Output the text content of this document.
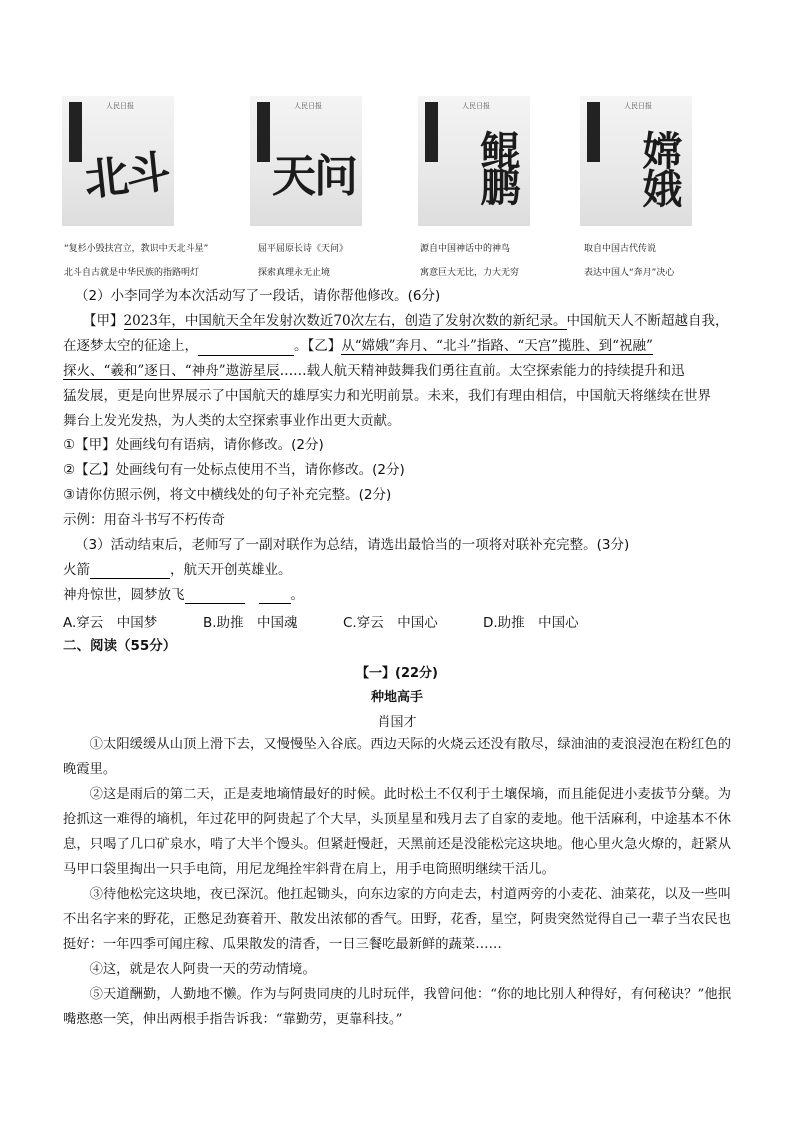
人民日报
北斗
人民日报
天问
人民日报
鲲鹏
人民日报
嫦娥
“复杉小毁扶宫立，教识中天北斗星”
北斗自古就是中华民族的指路明灯
屈平屈原长诗《天问》
探索真理永无止境
源自中国神话中的神鸟
寓意巨大无比，力大无穷
取自中国古代传说
表达中国人“奔月”决心
（2）小李同学为本次活动写了一段话，请你帮他修改。(6分)
【甲】2023年，中国航天全年发射次数近70次左右，创造了发射次数的新纪录。中国航天人不断超越自我，
在逐梦太空的征途上，	。【乙】从“嫦娥”奔月、“北斗”指路、“天宫”揽胜、到“祝融”
探火、“羲和”逐日、“神舟”遨游星辰……载人航天精神鼓舞我们勇往直前。太空探索能力的持续提升和迅
猛发展，更是向世界展示了中国航天的雄厚实力和光明前景。未来，我们有理由相信，中国航天将继续在世界
舞台上发光发热，为人类的太空探索事业作出更大贡献。
①【甲】处画线句有语病，请你修改。(2分)
②【乙】处画线句有一处标点使用不当，请你修改。(2分)
③请你仿照示例，将文中横线处的句子补充完整。(2分)
示例：用奋斗书写不朽传奇
（3）活动结束后，老师写了一副对联作为总结，请选出最恰当的一项将对联补充完整。(3分)
火箭	，航天开创英雄业。
神舟惊世，圆梦放飞	。
A.穿云　中国梦	B.助推　中国魂	C.穿云　中国心	D.助推　中国心
二、阅读（55分）
【一】(22分)
种地高手
肖国才
①太阳缓缓从山顶上滑下去，又慢慢坠入谷底。西边天际的火烧云还没有散尽，绿油油的麦浪浸泡在粉红色的晚霞里。
②这是雨后的第二天，正是麦地墒情最好的时候。此时松土不仅利于土壤保墒，而且能促进小麦拔节分蘖。为抢抓这一难得的墒机，年过花甲的阿贵起了个大早，头顶星星和残月去了自家的麦地。他干活麻利，中途基本不休息，只喝了几口矿泉水，啃了大半个馒头。但紧赶慢赶，天黑前还是没能松完这块地。他心里火急火燎的，赶紧从马甲口袋里掏出一只手电筒，用尼龙绳拴牢斜背在肩上，用手电筒照明继续干活儿。
③待他松完这块地，夜已深沉。他扛起锄头，向东边家的方向走去，村道两旁的小麦花、油菜花，以及一些叫不出名字来的野花，正憋足劲赛着开、散发出浓郁的香气。田野，花香，星空，阿贵突然觉得自己一辈子当农民也挺好：一年四季可闻庄稼、瓜果散发的清香，一日三餐吃最新鲜的蔬菜……
④这，就是农人阿贵一天的劳动情境。
⑤天道酬勤，人勤地不懒。作为与阿贵同庚的儿时玩伴，我曾问他：“你的地比别人种得好，有何秘诀？”他抿嘴憨憨一笑，伸出两根手指告诉我：“靠勤劳，更靠科技。”
